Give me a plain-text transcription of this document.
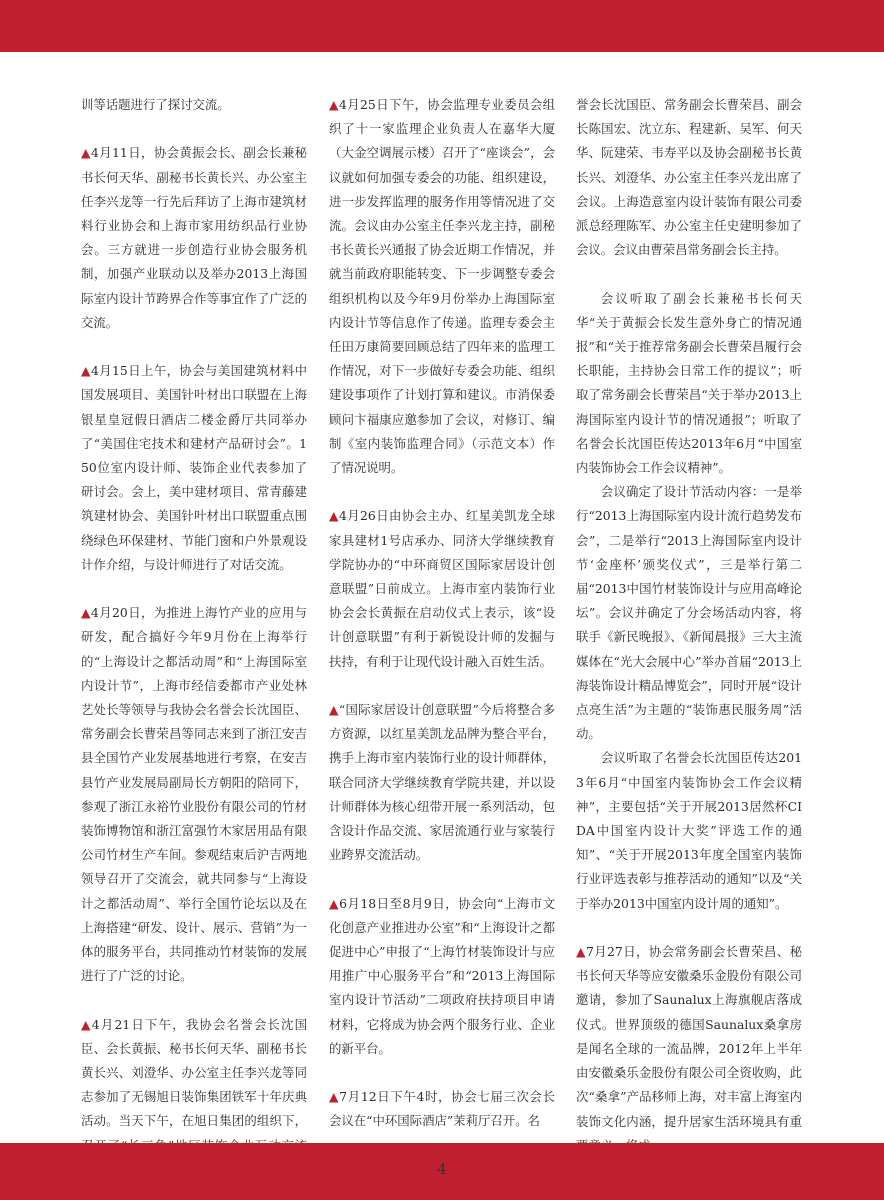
训等话题进行了探讨交流。

▲4月11日，协会黄振会长、副会长兼秘书长何天华、副秘书长黄长兴、办公室主任李兴龙等一行先后拜访了上海市建筑材料行业协会和上海市家用纺织品行业协会。三方就进一步创造行业协会服务机制，加强产业联动以及举办2013上海国际室内设计节跨界合作等事宜作了广泛的交流。

▲4月15日上午，协会与美国建筑材料中国发展项目、美国针叶材出口联盟在上海银星皇冠假日酒店二楼金爵厅共同举办了“美国住宅技术和建材产品研讨会”。150位室内设计师、装饰企业代表参加了研讨会。会上，美中建材项目、常青藤建筑建材协会、美国针叶材出口联盟重点围绕绿色环保建材、节能门窗和户外景观设计作介绍，与设计师进行了对话交流。

▲4月20日，为推进上海竹产业的应用与研发，配合搞好今年9月份在上海举行的“上海设计之都活动周”和“上海国际室内设计节”，上海市经信委都市产业处林艺处长等领导与我协会名誉会长沈国臣、常务副会长曹荣昌等同志来到了浙江安吉县全国竹产业发展基地进行考察，在安吉县竹产业发展局副局长方朝阳的陪同下，参观了浙江永裕竹业股份有限公司的竹材装饰博物馆和浙江富强竹木家居用品有限公司竹材生产车间。参观结束后沪吉两地领导召开了交流会，就共同参与“上海设计之都活动周”、举行全国竹论坛以及在上海搭建“研发、设计、展示、营销”为一体的服务平台，共同推动竹材装饰的发展进行了广泛的讨论。

▲4月21日下午，我协会名誉会长沈国臣、会长黄振、秘书长何天华、副秘书长黄长兴、刘澄华、办公室主任李兴龙等同志参加了无锡旭日装饰集团铁军十年庆典活动。当天下午，在旭日集团的组织下，

▲4月25日下午，协会监理专业委员会组织了十一家监理企业负责人在嘉华大厦（大金空调展示楼）召开了“座谈会”，会议就如何加强专委会的功能、组织建设，进一步发挥监理的服务作用等情况进了交流。会议由办公室主任李兴龙主持，副秘书长黄长兴通报了协会近期工作情况，并就当前政府职能转变、下一步调整专委会组织机构以及今年9月份举办上海国际室内设计节等信息作了传递。监理专委会主任田万康简要回顾总结了四年来的监理工作情况，对下一步做好专委会功能、组织建设事项作了计划打算和建议。市消保委顾问卞福康应邀参加了会议，对修订、编制《室内装饰监理合同》（示范文本）作了情况说明。

▲4月26日由协会主办、红星美凯龙全球家具建材1号店承办、同济大学继续教育学院协办的“中环商贸区国际家居设计创意联盟”日前成立。上海市室内装饰行业协会会长黄振在启动仪式上表示，该“设计创意联盟”有利于新锐设计师的发掘与扶持，有利于让现代设计融入百姓生活。

▲“国际家居设计创意联盟”今后将整合多方资源，以红星美凯龙品牌为整合平台，携手上海市室内装饰行业的设计师群体，联合同济大学继续教育学院共建，并以设计师群体为核心纽带开展一系列活动，包含设计作品交流、家居流通行业与家装行业跨界交流活动。

▲6月18日至8月9日，协会向“上海市文化创意产业推进办公室”和“上海设计之都促进中心”申报了“上海竹材装饰设计与应用推广中心服务平台”和“2013上海国际室内设计节活动”二项政府扶持项目申请材料，它将成为协会两个服务行业、企业的新平台。

▲7月12日下午4时，协会七届三次会长会议在“中环国际酒店”茉莉厅召开。名

誉会长沈国臣、常务副会长曹荣昌、副会长陈国宏、沈立东、程建新、吴军、何天华、阮建荣、韦寿平以及协会副秘书长黄长兴、刘澄华、办公室主任李兴龙出席了会议。上海造意室内设计装饰有限公司委派总经理陈军、办公室主任史建明参加了会议。会议由曹荣昌常务副会长主持。

会议听取了副会长兼秘书长何天华“关于黄振会长发生意外身亡的情况通报”和“关于推荐常务副会长曹荣昌履行会长职能，主持协会日常工作的提议”；听取了常务副会长曹荣昌“关于举办2013上海国际室内设计节的情况通报”；听取了名誉会长沈国臣传达2013年6月“中国室内装饰协会工作会议精神”。

会议确定了设计节活动内容：一是举行“2013上海国际室内设计流行趋势发布会”，二是举行“2013上海国际室内设计节‘金座杯’颁奖仪式”，三是举行第二届“2013中国竹材装饰设计与应用高峰论坛”。会议并确定了分会场活动内容，将联手《新民晚报》、《新闻晨报》三大主流媒体在“光大会展中心”举办首届“2013上海装饰设计精品博览会”，同时开展“设计点亮生活”为主题的“装饰惠民服务周”活动。

会议听取了名誉会长沈国臣传达2013年6月“中国室内装饰协会工作会议精神”，主要包括“关于开展2013居然杯CIDA中国室内设计大奖”评选工作的通知”、“关于开展2013年度全国室内装饰行业评选表彰与推荐活动的通知”以及“关于举办2013中国室内设计周的通知”。

▲7月27日，协会常务副会长曹荣昌、秘书长何天华等应安徽桑乐金股份有限公司邀请，参加了Saunalux上海旗舰店落成仪式。世界顶级的德国Saunalux桑拿房是闻名全球的一流品牌，2012年上半年由安徽桑乐金股份有限公司全资收购，此次“桑拿”产品移师上海，对丰富上海室内装饰文化内涵，提升居家生活环境具有重

4
